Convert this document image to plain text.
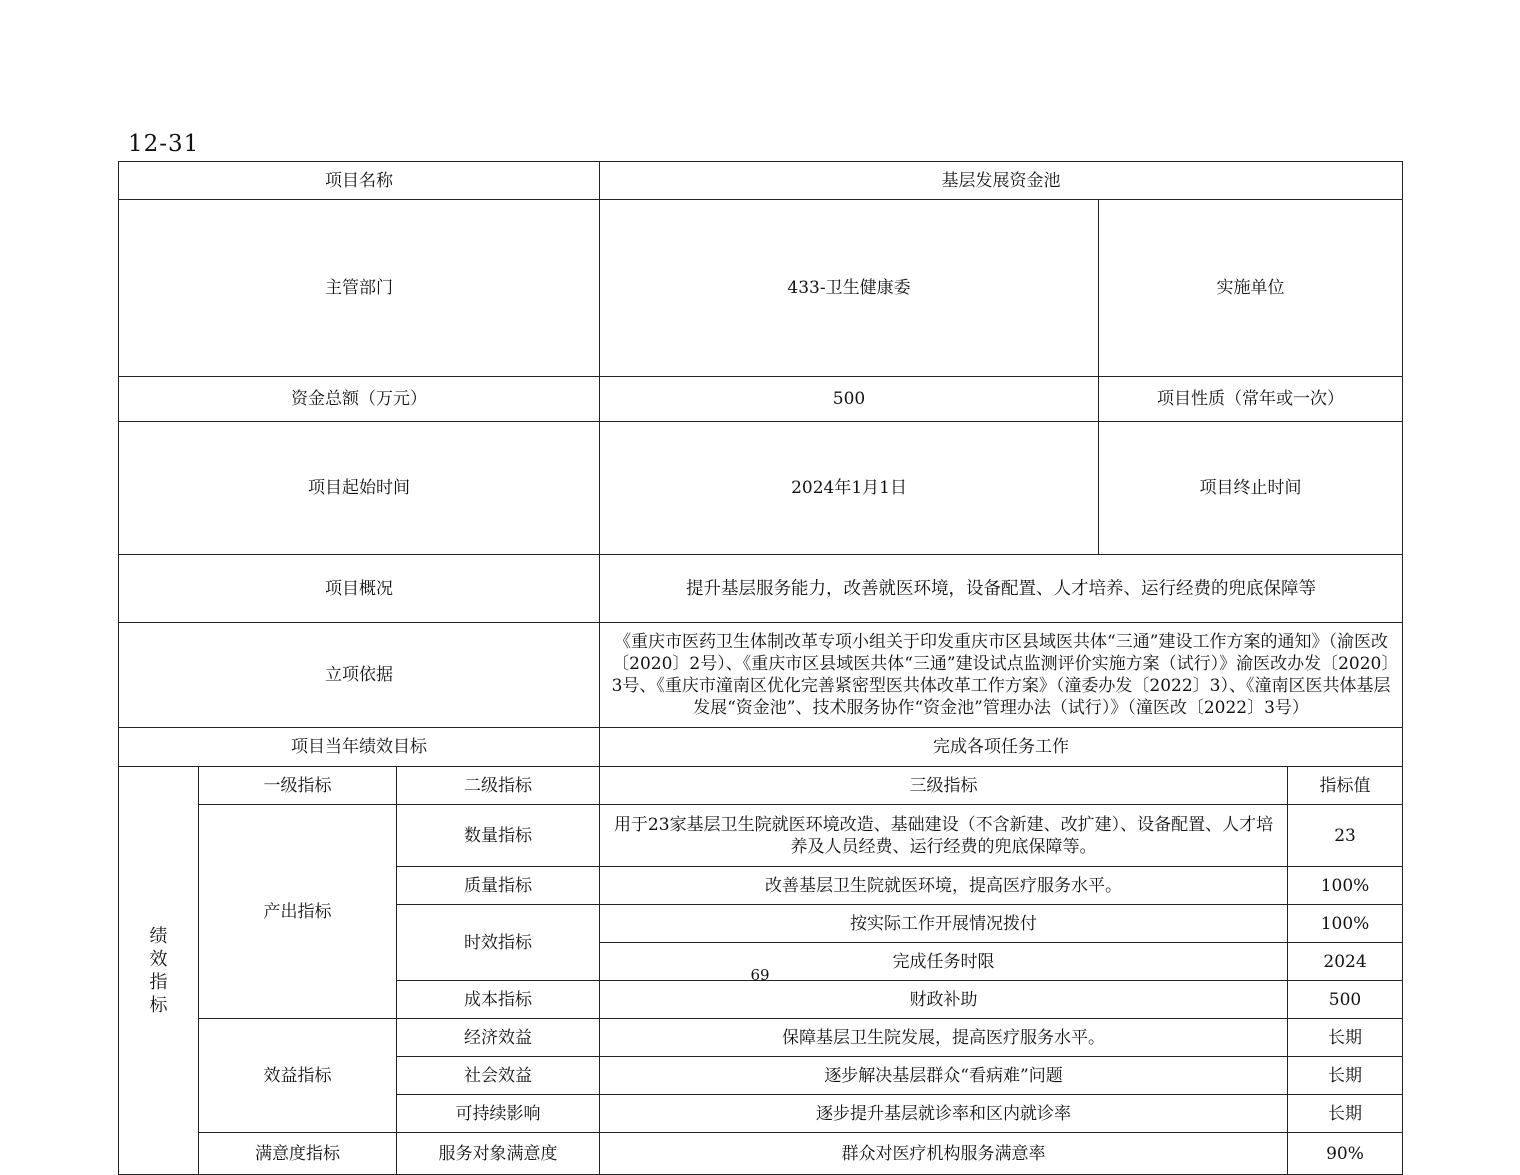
12-31
项目名称			基层发展资金池			
主管部门			433-卫生健康委	实施单位	
资金总额（万元）			500	项目性质（常年或一次）	
项目起始时间			2024年1月1日	项目终止时间	
项目概况			提升基层服务能力，改善就医环境，设备配置、人才培养、运行经费的兜底保障等			
立项依据			《重庆市医药卫生体制改革专项小组关于印发重庆市区县域医共体“三通”建设工作方案的通知》（渝医改〔2020〕2号）、《重庆市区县域医共体“三通”建设试点监测评价实施方案（试行）》渝医改办发〔2020〕3号、《重庆市潼南区优化完善紧密型医共体改革工作方案》（潼委办发〔2022〕3）、《潼南区医共体基层发展“资金池”、技术服务协作“资金池”管理办法（试行）》（潼医改〔2022〕3号）			
项目当年绩效目标			完成各项任务工作			

绩效指标	一级指标	二级指标	三级指标		指标值	
	产出指标	数量指标	用于23家基层卫生院就医环境改造、基础建设（不含新建、改扩建）、设备配置、人才培养及人员经费、运行经费的兜底保障等。		23	
		质量指标	改善基层卫生院就医环境，提高医疗服务水平。		100%	
		时效指标	按实际工作开展情况拨付		100%	
			完成任务时限		2024	
		成本指标	财政补助		500	
	效益指标	经济效益	保障基层卫生院发展，提高医疗服务水平。		长期	
		社会效益	逐步解决基层群众“看病难”问题		长期	
		可持续影响	逐步提升基层就诊率和区内就诊率		长期	
	满意度指标	服务对象满意度	群众对医疗机构服务满意率		90%	
69
